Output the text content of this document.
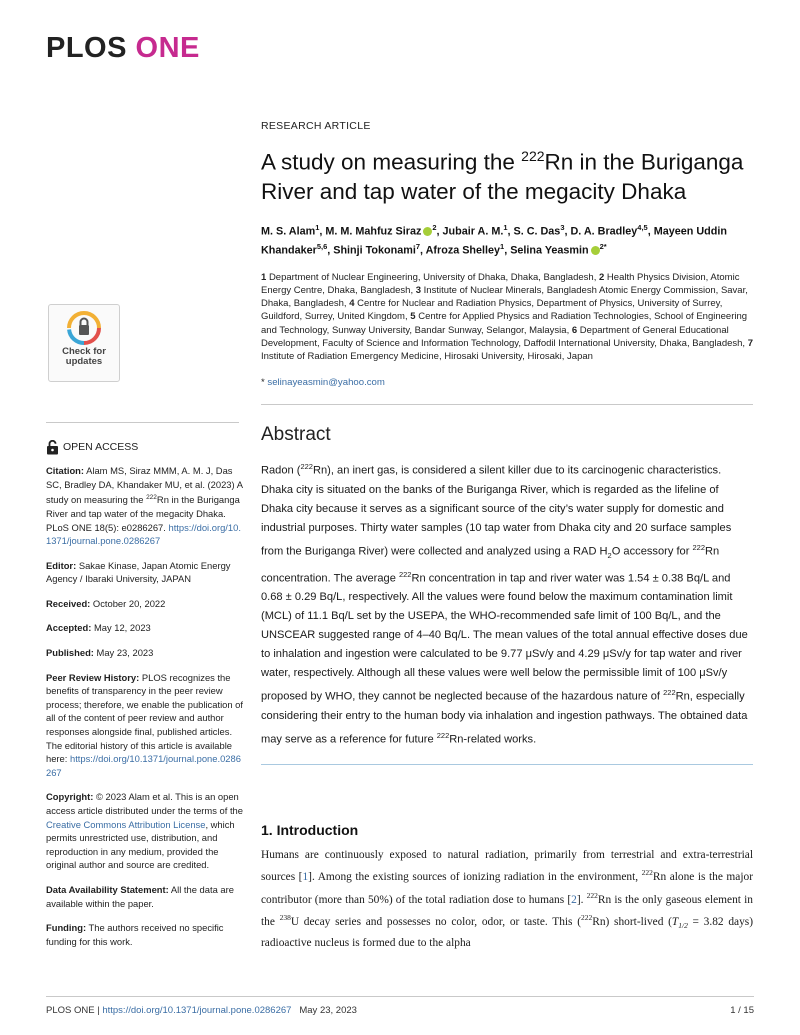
PLOS ONE
Check for
updates
OPEN ACCESS

Citation: Alam MS, Siraz MMM, A. M. J, Das SC, Bradley DA, Khandaker MU, et al. (2023) A study on measuring the $^{222}$Rn in the Buriganga River and tap water of the megacity Dhaka. PLoS ONE 18(5): e0286267. https://doi.org/10.1371/journal.pone.0286267

Editor: Sakae Kinase, Japan Atomic Energy Agency / Ibaraki University, JAPAN

Received: October 20, 2022

Accepted: May 12, 2023

Published: May 23, 2023

Peer Review History: PLOS recognizes the benefits of transparency in the peer review process; therefore, we enable the publication of all of the content of peer review and author responses alongside final, published articles. The editorial history of this article is available here: https://doi.org/10.1371/journal.pone.0286267

Copyright: © 2023 Alam et al. This is an open access article distributed under the terms of the Creative Commons Attribution License, which permits unrestricted use, distribution, and reproduction in any medium, provided the original author and source are credited.

Data Availability Statement: All the data are available within the paper.

Funding: The authors received no specific funding for this work.

RESEARCH ARTICLE
A study on measuring the $^{222}$Rn in the Buriganga River and tap water of the megacity Dhaka
M. S. Alam$^1$, M. M. Mahfuz Siraz $^2$, Jubair A. M.$^1$, S. C. Das$^3$, D. A. Bradley$^{4,5}$, Mayeen Uddin Khandaker$^{5,6}$, Shinji Tokonami$^7$, Afroza Shelley$^1$, Selina Yeasmin $^{2*}$
1 Department of Nuclear Engineering, University of Dhaka, Dhaka, Bangladesh, 2 Health Physics Division, Atomic Energy Centre, Dhaka, Bangladesh, 3 Institute of Nuclear Minerals, Bangladesh Atomic Energy Commission, Savar, Dhaka, Bangladesh, 4 Centre for Nuclear and Radiation Physics, Department of Physics, University of Surrey, Guildford, Surrey, United Kingdom, 5 Centre for Applied Physics and Radiation Technologies, School of Engineering and Technology, Sunway University, Bandar Sunway, Selangor, Malaysia, 6 Department of General Educational Development, Faculty of Science and Information Technology, Daffodil International University, Dhaka, Bangladesh, 7 Institute of Radiation Emergency Medicine, Hirosaki University, Hirosaki, Japan
* selinayeasmin@yahoo.com
Abstract
Radon ($^{222}$Rn), an inert gas, is considered a silent killer due to its carcinogenic characteristics. Dhaka city is situated on the banks of the Buriganga River, which is regarded as the lifeline of Dhaka city because it serves as a significant source of the city’s water supply for domestic and industrial purposes. Thirty water samples (10 tap water from Dhaka city and 20 surface samples from the Buriganga River) were collected and analyzed using a RAD $H_2O$ accessory for $^{222}$Rn concentration. The average $^{222}$Rn concentration in tap and river water was 1.54 ± 0.38 Bq/L and 0.68 ± 0.29 Bq/L, respectively. All the values were found below the maximum contamination limit (MCL) of 11.1 Bq/L set by the USEPA, the WHO-recommended safe limit of 100 Bq/L, and the UNSCEAR suggested range of 4–40 Bq/L. The mean values of the total annual effective doses due to inhalation and ingestion were calculated to be 9.77 μSv/y and 4.29 μSv/y for tap water and river water, respectively. Although all these values were well below the permissible limit of 100 μSv/y proposed by WHO, they cannot be neglected because of the hazardous nature of $^{222}$Rn, especially considering their entry to the human body via inhalation and ingestion pathways. The obtained data may serve as a reference for future $^{222}$Rn-related works.
1. Introduction
Humans are continuously exposed to natural radiation, primarily from terrestrial and extra-terrestrial sources [1]. Among the existing sources of ionizing radiation in the environment, $^{222}$Rn alone is the major contributor (more than 50%) of the total radiation dose to humans [2]. $^{222}$Rn is the only gaseous element in the $^{238}$U decay series and possesses no color, odor, or taste. This ($^{222}$Rn) short-lived ($T_{1/2} = 3.82$ days) radioactive nucleus is formed due to the alpha
PLOS ONE | https://doi.org/10.1371/journal.pone.0286267 May 23, 2023	1 / 15
